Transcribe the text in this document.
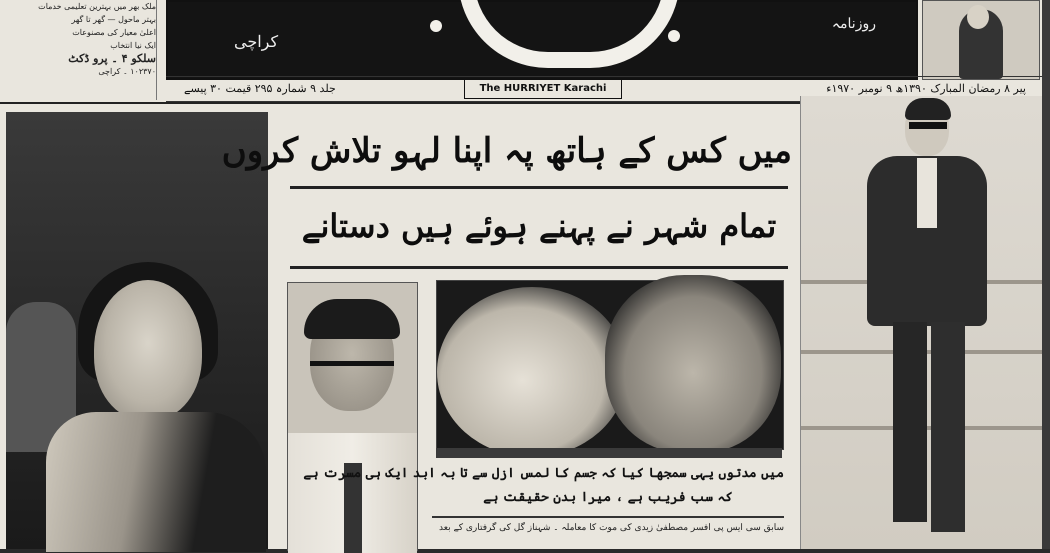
ملک بھر میں بہترین تعلیمی خدمات
بہتر ماحول — گھر تا گھر
اعلیٰ معیار کی مصنوعات
ایک نیا انتخاب
سلکو ۴ ۔ پرو ڈکٹ
۱۰۲۳۷۰ ۔ کراچی
کراچی
روزنامہ
جلد ۹ شمارہ ۲۹۵ قیمت ۳۰ پیسے	The HURRIYET Karachi	پیر ۸ رمضان المبارک ۱۳۹۰ھ ۹ نومبر ۱۹۷۰ء
میں کس کے ہاتھ پہ اپنا لہو تلاش کروں
تمام شہر نے پہنے ہوئے ہیں دستانے
میں مدتوں یہی سمجھا کیا کہ جسم کا لمس ازل سے تا بہ ابد ایک ہی مسرت ہے
کہ سب فریب ہے ، میرا بدن حقیقت ہے
سابق سی ایس پی افسر مصطفیٰ زیدی کی موت کا معاملہ ۔ شہناز گل کی گرفتاری کے بعد
